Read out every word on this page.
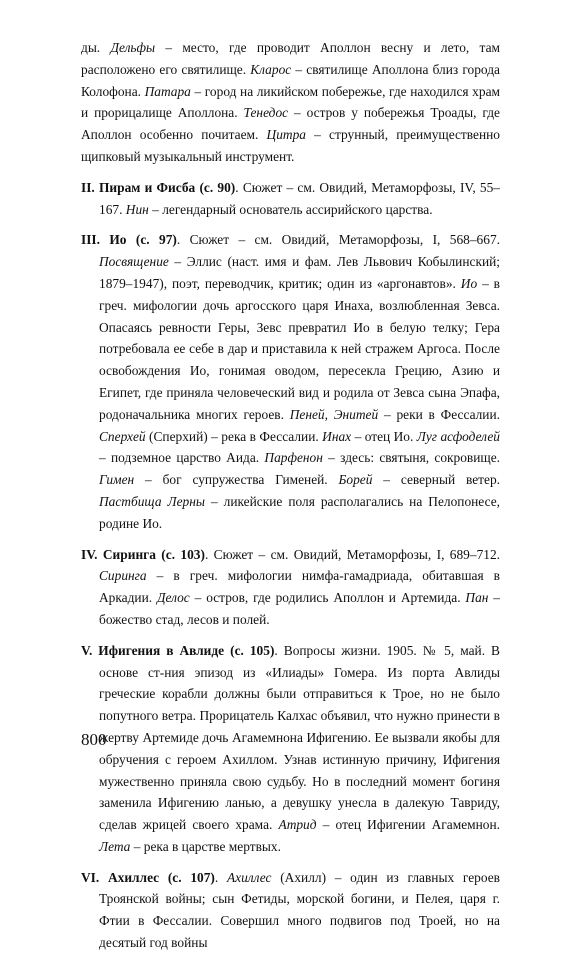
ды. Дельфы – место, где проводит Аполлон весну и лето, там расположено его святилище. Кларос – святилище Аполлона близ города Колофона. Патара – город на ликийском побережье, где находился храм и прорицалище Аполлона. Тенедос – остров у побережья Троады, где Аполлон особенно почитаем. Цитра – струнный, преимущественно щипковый музыкальный инструмент.

II. Пирам и Фисба (с. 90). Сюжет – см. Овидий, Метаморфозы, IV, 55–167. Нин – легендарный основатель ассирийского царства.

III. Ио (с. 97). Сюжет – см. Овидий, Метаморфозы, I, 568–667. Посвящение – Эллис (наст. имя и фам. Лев Львович Кобылинский; 1879–1947), поэт, переводчик, критик; один из «аргонавтов». Ио – в греч. мифологии дочь аргосского царя Инаха, возлюбленная Зевса. Опасаясь ревности Геры, Зевс превратил Ио в белую телку; Гера потребовала ее себе в дар и приставила к ней стражем Аргоса. После освобождения Ио, гонимая оводом, пересекла Грецию, Азию и Египет, где приняла человеческий вид и родила от Зевса сына Эпафа, родоначальника многих героев. Пеней, Энитей – реки в Фессалии. Сперхей (Сперхий) – река в Фессалии. Инах – отец Ио. Луг асфоделей – подземное царство Аида. Парфенон – здесь: святыня, сокровище. Гимен – бог супружества Гименей. Борей – северный ветер. Пастбища Лерны – ликейские поля располагались на Пелопонесе, родине Ио.

IV. Сиринга (с. 103). Сюжет – см. Овидий, Метаморфозы, I, 689–712. Сиринга – в греч. мифологии нимфа-гамадриада, обитавшая в Аркадии. Делос – остров, где родились Аполлон и Артемида. Пан – божество стад, лесов и полей.

V. Ифигения в Авлиде (с. 105). Вопросы жизни. 1905. № 5, май. В основе ст-ния эпизод из «Илиады» Гомера. Из порта Авлиды греческие корабли должны были отправиться к Трое, но не было попутного ветра. Прорицатель Калхас объявил, что нужно принести в жертву Артемиде дочь Агамемнона Ифигению. Ее вызвали якобы для обручения с героем Ахиллом. Узнав истинную причину, Ифигения мужественно приняла свою судьбу. Но в последний момент богиня заменила Ифигению ланью, а девушку унесла в далекую Тавриду, сделав жрицей своего храма. Атрид – отец Ифигении Агамемнон. Лета – река в царстве мертвых.

VI. Ахиллес (с. 107). Ахиллес (Ахилл) – один из главных героев Троянской войны; сын Фетиды, морской богини, и Пелея, царя г. Фтии в Фессалии. Совершил много подвигов под Троей, но на десятый год войны

800
